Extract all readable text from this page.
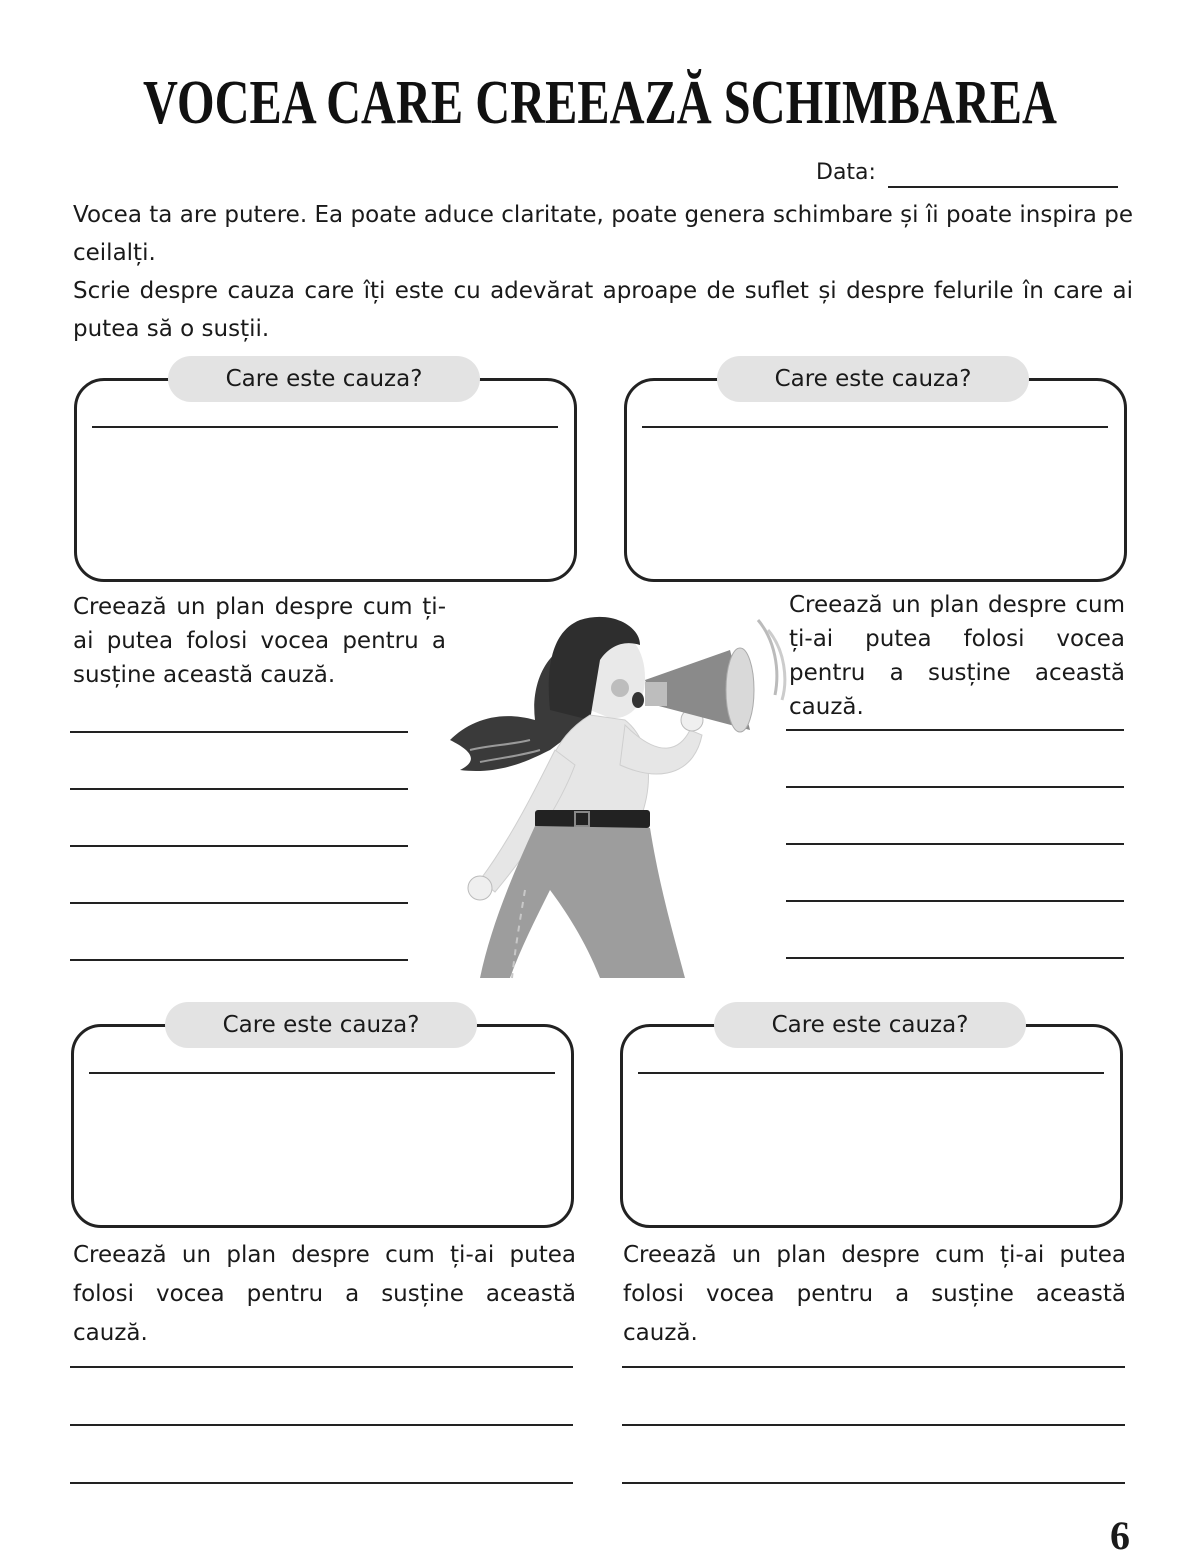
VOCEA CARE CREEAZĂ SCHIMBAREA
Data:
Vocea ta are putere. Ea poate aduce claritate, poate genera schimbare și îi poate inspira pe ceilalți.
Scrie despre cauza care îți este cu adevărat aproape de suflet și despre felurile în care ai putea să o susții.
Care este cauza?	Care este cauza?
Creează un plan despre cum ți-ai putea folosi vocea pentru a susține această cauză.
Creează un plan despre cum ți-ai putea folosi vocea pentru a susține această cauză.
Care este cauza?	Care este cauza?
Creează un plan despre cum ți-ai putea folosi vocea pentru a susține această cauză.
Creează un plan despre cum ți-ai putea folosi vocea pentru a susține această cauză.
6
